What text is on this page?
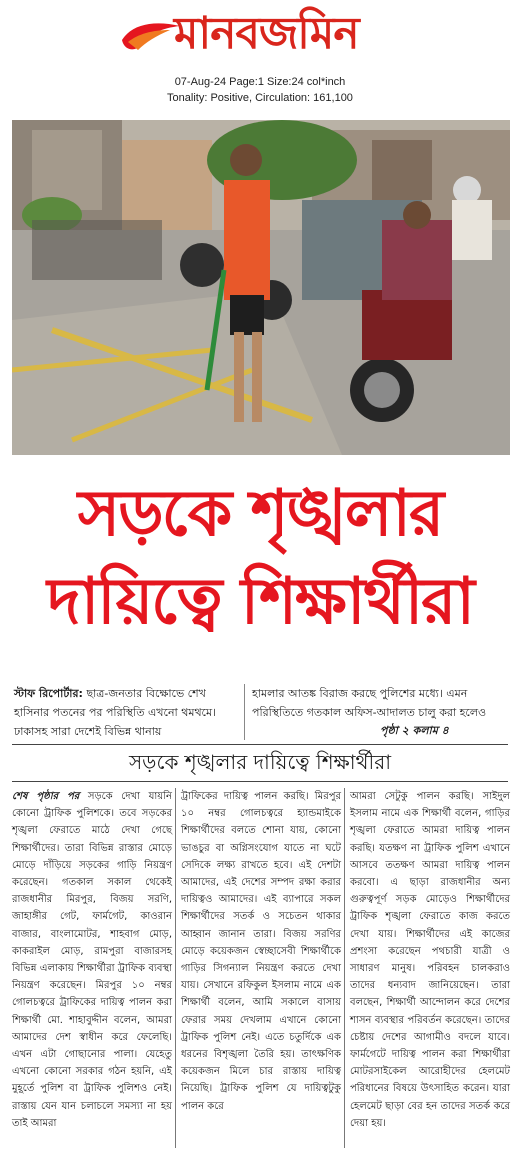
মানবজমিন
07-Aug-24 Page:1 Size:24 col*inch
Tonality: Positive, Circulation: 161,100
সড়কে শৃঙ্খলার
দায়িত্বে শিক্ষার্থীরা
স্টাফ রিপোর্টার: ছাত্র-জনতার বিক্ষোভে শেখ হাসিনার পতনের পর পরিস্থিতি এখনো থমথমে। ঢাকাসহ সারা দেশেই বিভিন্ন থানায়
হামলার আতঙ্ক বিরাজ করছে পুলিশের মধ্যে। এমন পরিস্থিতিতে গতকাল অফিস-আদালত চালু করা হলেও
পৃষ্ঠা ২ কলাম ৪
সড়কে শৃঙ্খলার দায়িত্বে শিক্ষার্থীরা
শেষ পৃষ্ঠার পর সড়কে দেখা যায়নি কোনো ট্রাফিক পুলিশকে। তবে সড়কের শৃঙ্খলা ফেরাতে মাঠে দেখা গেছে শিক্ষার্থীদের। তারা বিভিন্ন রাস্তার মোড়ে মোড়ে দাঁড়িয়ে সড়কের গাড়ি নিয়ন্ত্রণ করেছেন। গতকাল সকাল থেকেই রাজধানীর মিরপুর, বিজয় সরণি, জাহাঙ্গীর গেট, ফার্মগেট, কাওরান বাজার, বাংলামোটর, শাহবাগ মোড়, কাকরাইল মোড়, রামপুরা বাজারসহ বিভিন্ন এলাকায় শিক্ষার্থীরা ট্রাফিক ব্যবস্থা নিয়ন্ত্রণ করেছেন। মিরপুর ১০ নম্বর গোলচত্বরে ট্রাফিকের দায়িত্ব পালন করা শিক্ষার্থী মো. শাহাবুদ্দীন বলেন, আমরা আমাদের দেশ স্বাধীন করে ফেলেছি। এখন এটা গোছানোর পালা। যেহেতু এখনো কোনো সরকার গঠন হয়নি, এই মুহূর্তে পুলিশ বা ট্রাফিক পুলিশও নেই। রাস্তায় যেন যান চলাচলে সমস্যা না হয় তাই আমরা
ট্রাফিকের দায়িত্ব পালন করছি। মিরপুর ১০ নম্বর গোলচত্বরে হ্যান্ডমাইকে শিক্ষার্থীদের বলতে শোনা যায়, কোনো ভাঙচুর বা অগ্নিসংযোগ যাতে না ঘটে সেদিকে লক্ষ্য রাখতে হবে। এই দেশটা আমাদের, এই দেশের সম্পদ রক্ষা করার দায়িত্বও আমাদের। এই ব্যাপারে সকল শিক্ষার্থীদের সতর্ক ও সচেতন থাকার আহ্বান জানান তারা। বিজয় সরণির মোড়ে কয়েকজন স্বেচ্ছাসেবী শিক্ষার্থীকে গাড়ির সিগন্যাল নিয়ন্ত্রণ করতে দেখা যায়। সেখানে রফিকুল ইসলাম নামে এক শিক্ষার্থী বলেন, আমি সকালে বাসায় ফেরার সময় দেখলাম এখানে কোনো ট্রাফিক পুলিশ নেই। এতে চতুর্দিকে এক ধরনের বিশৃঙ্খলা তৈরি হয়। তাৎক্ষণিক কয়েকজন মিলে চার রাস্তায় দায়িত্ব নিয়েছি। ট্রাফিক পুলিশ যে দায়িত্বটুকু পালন করে
আমরা সেটুকু পালন করছি। সাইদুল ইসলাম নামে এক শিক্ষার্থী বলেন, গাড়ির শৃঙ্খলা ফেরাতে আমরা দায়িত্ব পালন করছি। যতক্ষণ না ট্রাফিক পুলিশ এখানে আসবে ততক্ষণ আমরা দায়িত্ব পালন করবো। এ ছাড়া রাজধানীর অন্য গুরুত্বপূর্ণ সড়ক মোড়েও শিক্ষার্থীদের ট্রাফিক শৃঙ্খলা ফেরাতে কাজ করতে দেখা যায়। শিক্ষার্থীদের এই কাজের প্রশংসা করেছেন পথচারী যাত্রী ও সাধারণ মানুষ। পরিবহন চালকরাও তাদের ধন্যবাদ জানিয়েছেন। তারা বলছেন, শিক্ষার্থী আন্দোলন করে দেশের শাসন ব্যবস্থার পরিবর্তন করেছেন। তাদের চেষ্টায় দেশের আগামীও বদলে যাবে। ফার্মগেটে দায়িত্ব পালন করা শিক্ষার্থীরা মোটরসাইকেল আরোহীদের হেলমেট পরিধানের বিষয়ে উৎসাহিত করেন। যারা হেলমেট ছাড়া বের হন তাদের সতর্ক করে দেয়া হয়।
